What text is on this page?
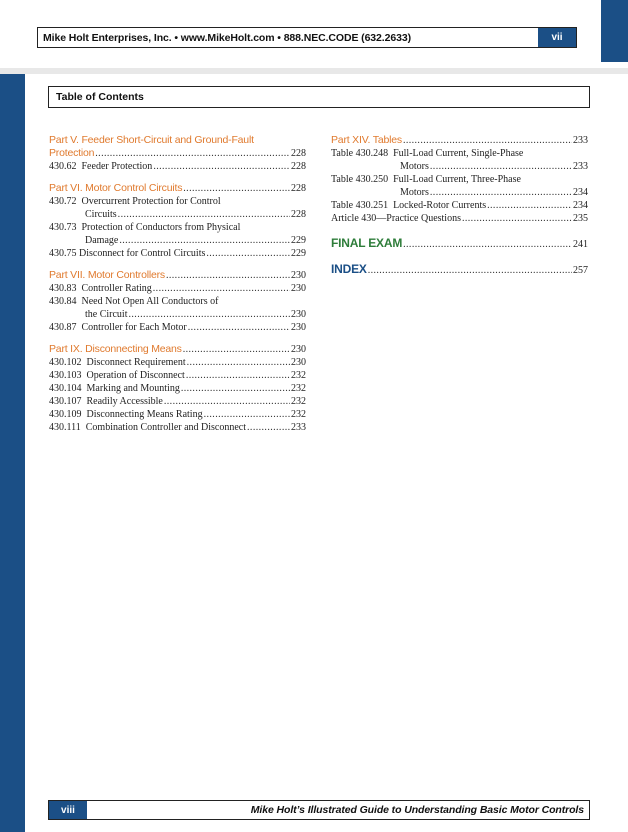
Mike Holt Enterprises, Inc. • www.MikeHolt.com • 888.NEC.CODE (632.2633)	vii
Table of Contents
Part V. Feeder Short-Circuit and Ground-Fault
Protection .....	228
430.62 Feeder Protection .....	228
Part VI. Motor Control Circuits .....	228
430.72 Overcurrent Protection for Control
Circuits .....	228
430.73 Protection of Conductors from Physical
Damage .....	229
430.75 Disconnect for Control Circuits .....	229
Part VII. Motor Controllers .....	230
430.83 Controller Rating .....	230
430.84 Need Not Open All Conductors of
the Circuit .....	230
430.87 Controller for Each Motor .....	230
Part IX. Disconnecting Means .....	230
430.102 Disconnect Requirement .....	230
430.103 Operation of Disconnect .....	232
430.104 Marking and Mounting .....	232
430.107 Readily Accessible .....	232
430.109 Disconnecting Means Rating .....	232
430.111 Combination Controller and Disconnect .....	233
Part XIV. Tables .....	233
Table 430.248 Full-Load Current, Single-Phase
Motors .....	233
Table 430.250 Full-Load Current, Three-Phase
Motors .....	234
Table 430.251 Locked-Rotor Currents .....	234
Article 430—Practice Questions .....	235
FINAL EXAM .....	241
INDEX .....	257
viii	Mike Holt’s Illustrated Guide to Understanding Basic Motor Controls
